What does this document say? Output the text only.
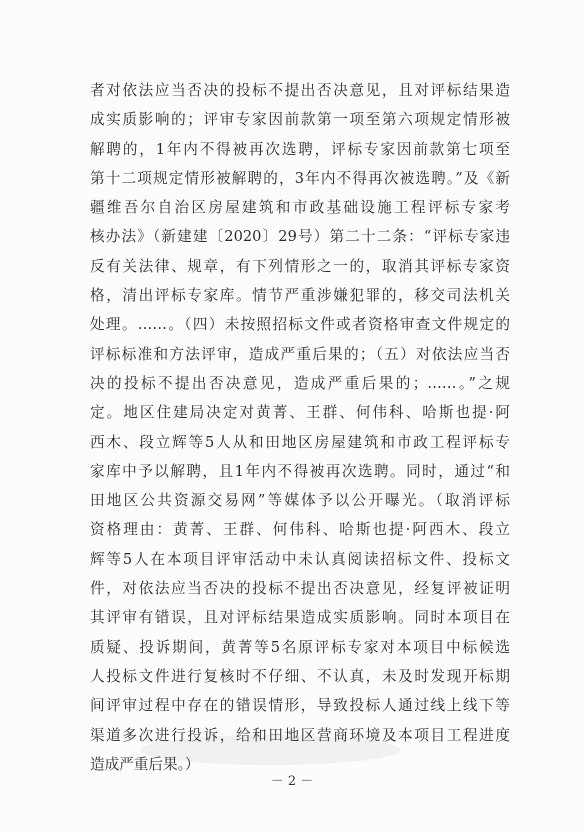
者对依法应当否决的投标不提出否决意见，且对评标结果造
成实质影响的；评审专家因前款第一项至第六项规定情形被
解聘的，1年内不得被再次选聘，评标专家因前款第七项至
第十二项规定情形被解聘的，3年内不得再次被选聘。”及《新
疆维吾尔自治区房屋建筑和市政基础设施工程评标专家考
核办法》（新建建〔2020〕29号）第二十二条：“评标专家违
反有关法律、规章，有下列情形之一的，取消其评标专家资
格，清出评标专家库。情节严重涉嫌犯罪的，移交司法机关
处理。……。（四）未按照招标文件或者资格审查文件规定的
评标标准和方法评审，造成严重后果的；（五）对依法应当否
决的投标不提出否决意见，造成严重后果的；……。”之规
定。地区住建局决定对黄菁、王群、何伟科、哈斯也提·阿
西木、段立辉等5人从和田地区房屋建筑和市政工程评标专
家库中予以解聘，且1年内不得被再次选聘。同时，通过“和
田地区公共资源交易网”等媒体予以公开曝光。（取消评标
资格理由：黄菁、王群、何伟科、哈斯也提·阿西木、段立
辉等5人在本项目评审活动中未认真阅读招标文件、投标文
件，对依法应当否决的投标不提出否决意见，经复评被证明
其评审有错误，且对评标结果造成实质影响。同时本项目在
质疑、投诉期间，黄菁等5名原评标专家对本项目中标候选
人投标文件进行复核时不仔细、不认真，未及时发现开标期
间评审过程中存在的错误情形，导致投标人通过线上线下等
渠道多次进行投诉，给和田地区营商环境及本项目工程进度
造成严重后果。）
－ 2 －
